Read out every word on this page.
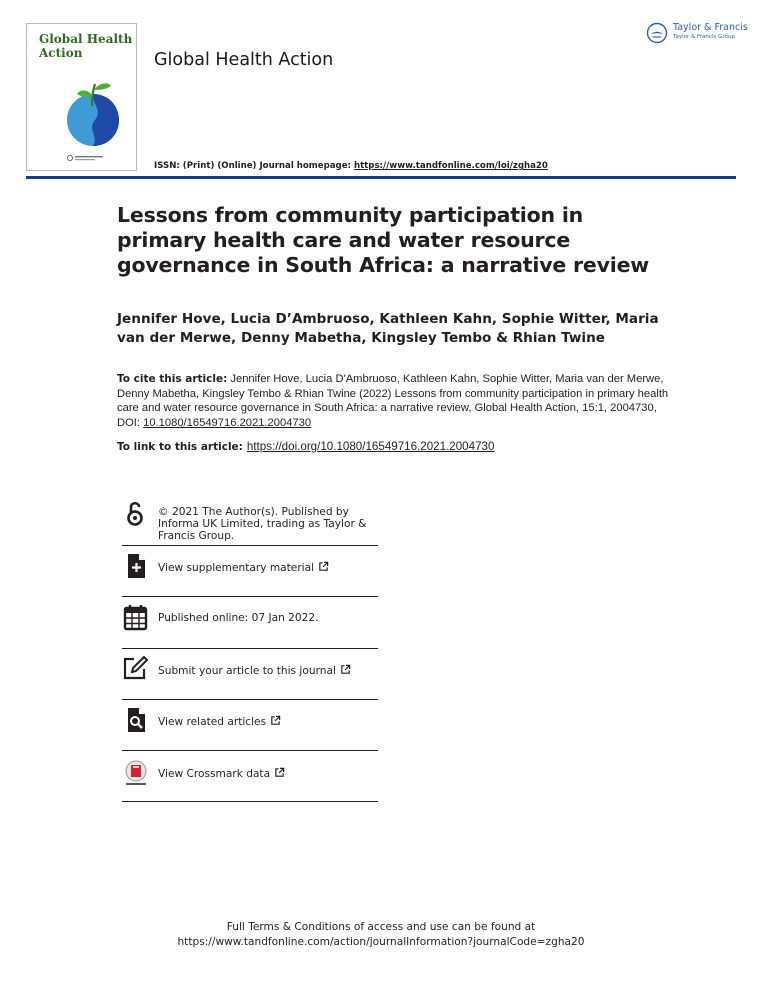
Global Health Action	Global Health Action
Taylor & Francis
Taylor & Francis Group
ISSN: (Print) (Online) Journal homepage: https://www.tandfonline.com/loi/zgha20
Lessons from community participation in primary health care and water resource governance in South Africa: a narrative review
Jennifer Hove, Lucia D’Ambruoso, Kathleen Kahn, Sophie Witter, Maria van der Merwe, Denny Mabetha, Kingsley Tembo & Rhian Twine
To cite this article: Jennifer Hove, Lucia D'Ambruoso, Kathleen Kahn, Sophie Witter, Maria van der Merwe, Denny Mabetha, Kingsley Tembo & Rhian Twine (2022) Lessons from community participation in primary health care and water resource governance in South Africa: a narrative review, Global Health Action, 15:1, 2004730, DOI: 10.1080/16549716.2021.2004730
To link to this article: https://doi.org/10.1080/16549716.2021.2004730
© 2021 The Author(s). Published by Informa UK Limited, trading as Taylor & Francis Group.
View supplementary material
Published online: 07 Jan 2022.
Submit your article to this journal
View related articles
View Crossmark data
Full Terms & Conditions of access and use can be found at
https://www.tandfonline.com/action/journalInformation?journalCode=zgha20
